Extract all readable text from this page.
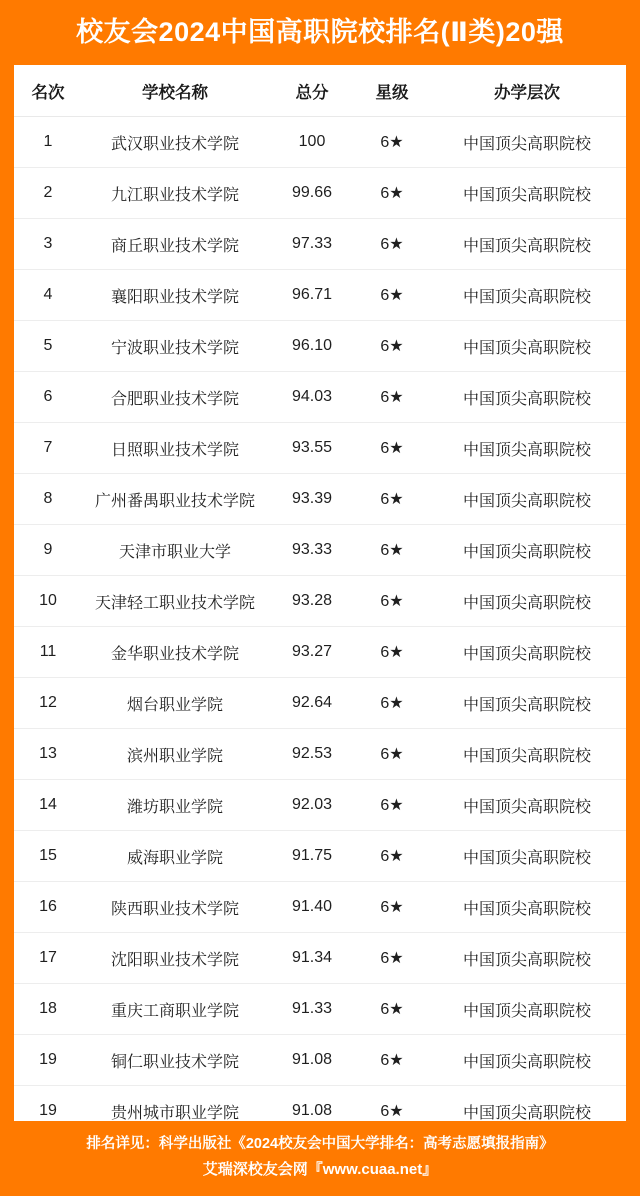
校友会2024中国高职院校排名(Ⅱ类)20强
名次	学校名称	总分	星级	办学层次
1	武汉职业技术学院	100	6★	中国顶尖高职院校
2	九江职业技术学院	99.66	6★	中国顶尖高职院校
3	商丘职业技术学院	97.33	6★	中国顶尖高职院校
4	襄阳职业技术学院	96.71	6★	中国顶尖高职院校
5	宁波职业技术学院	96.10	6★	中国顶尖高职院校
6	合肥职业技术学院	94.03	6★	中国顶尖高职院校
7	日照职业技术学院	93.55	6★	中国顶尖高职院校
8	广州番禺职业技术学院	93.39	6★	中国顶尖高职院校
9	天津市职业大学	93.33	6★	中国顶尖高职院校
10	天津轻工职业技术学院	93.28	6★	中国顶尖高职院校
11	金华职业技术学院	93.27	6★	中国顶尖高职院校
12	烟台职业学院	92.64	6★	中国顶尖高职院校
13	滨州职业学院	92.53	6★	中国顶尖高职院校
14	潍坊职业学院	92.03	6★	中国顶尖高职院校
15	威海职业学院	91.75	6★	中国顶尖高职院校
16	陕西职业技术学院	91.40	6★	中国顶尖高职院校
17	沈阳职业技术学院	91.34	6★	中国顶尖高职院校
18	重庆工商职业学院	91.33	6★	中国顶尖高职院校
19	铜仁职业技术学院	91.08	6★	中国顶尖高职院校
19	贵州城市职业学院	91.08	6★	中国顶尖高职院校
排名详见：科学出版社《2024校友会中国大学排名：高考志愿填报指南》
艾瑞深校友会网『www.cuaa.net』
